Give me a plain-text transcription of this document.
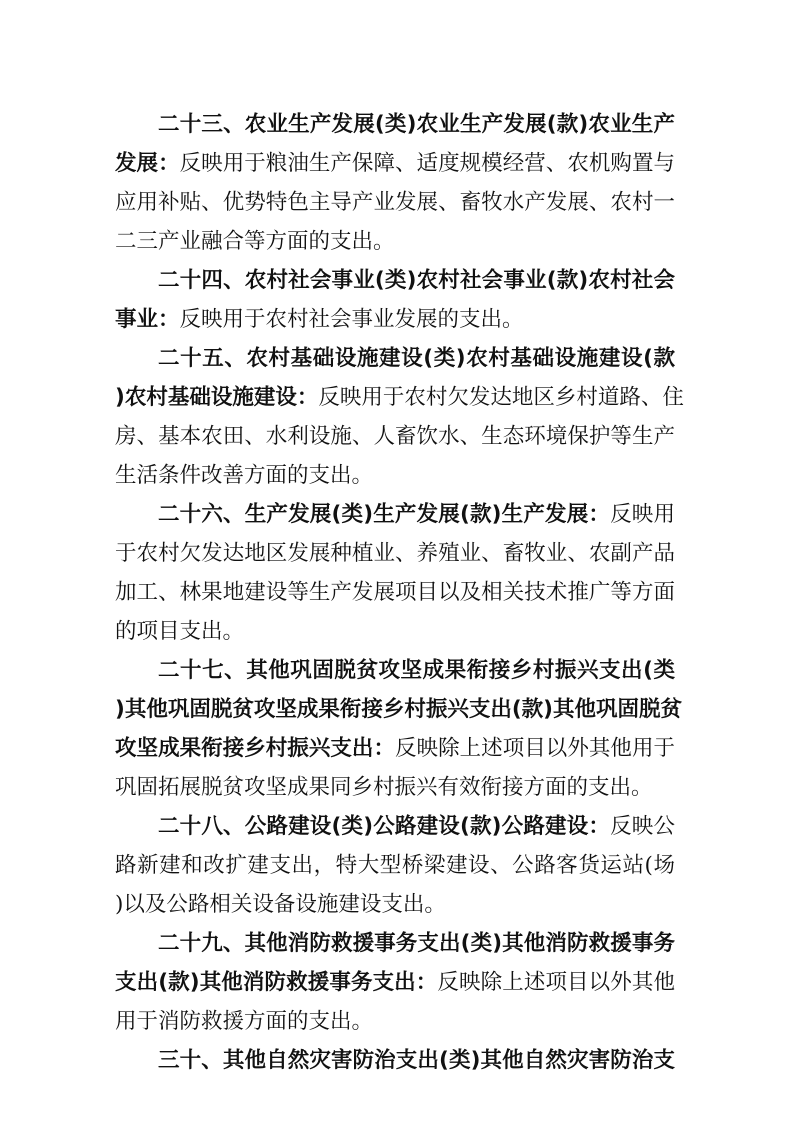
二十三、农业生产发展(类)农业生产发展(款)农业生产
发展：反映用于粮油生产保障、适度规模经营、农机购置与
应用补贴、优势特色主导产业发展、畜牧水产发展、农村一
二三产业融合等方面的支出。
二十四、农村社会事业(类)农村社会事业(款)农村社会
事业：反映用于农村社会事业发展的支出。
二十五、农村基础设施建设(类)农村基础设施建设(款
)农村基础设施建设：反映用于农村欠发达地区乡村道路、住
房、基本农田、水利设施、人畜饮水、生态环境保护等生产
生活条件改善方面的支出。
二十六、生产发展(类)生产发展(款)生产发展：反映用
于农村欠发达地区发展种植业、养殖业、畜牧业、农副产品
加工、林果地建设等生产发展项目以及相关技术推广等方面
的项目支出。
二十七、其他巩固脱贫攻坚成果衔接乡村振兴支出(类
)其他巩固脱贫攻坚成果衔接乡村振兴支出(款)其他巩固脱贫
攻坚成果衔接乡村振兴支出：反映除上述项目以外其他用于
巩固拓展脱贫攻坚成果同乡村振兴有效衔接方面的支出。
二十八、公路建设(类)公路建设(款)公路建设：反映公
路新建和改扩建支出，特大型桥梁建设、公路客货运站(场
)以及公路相关设备设施建设支出。
二十九、其他消防救援事务支出(类)其他消防救援事务
支出(款)其他消防救援事务支出：反映除上述项目以外其他
用于消防救援方面的支出。
三十、其他自然灾害防治支出(类)其他自然灾害防治支
